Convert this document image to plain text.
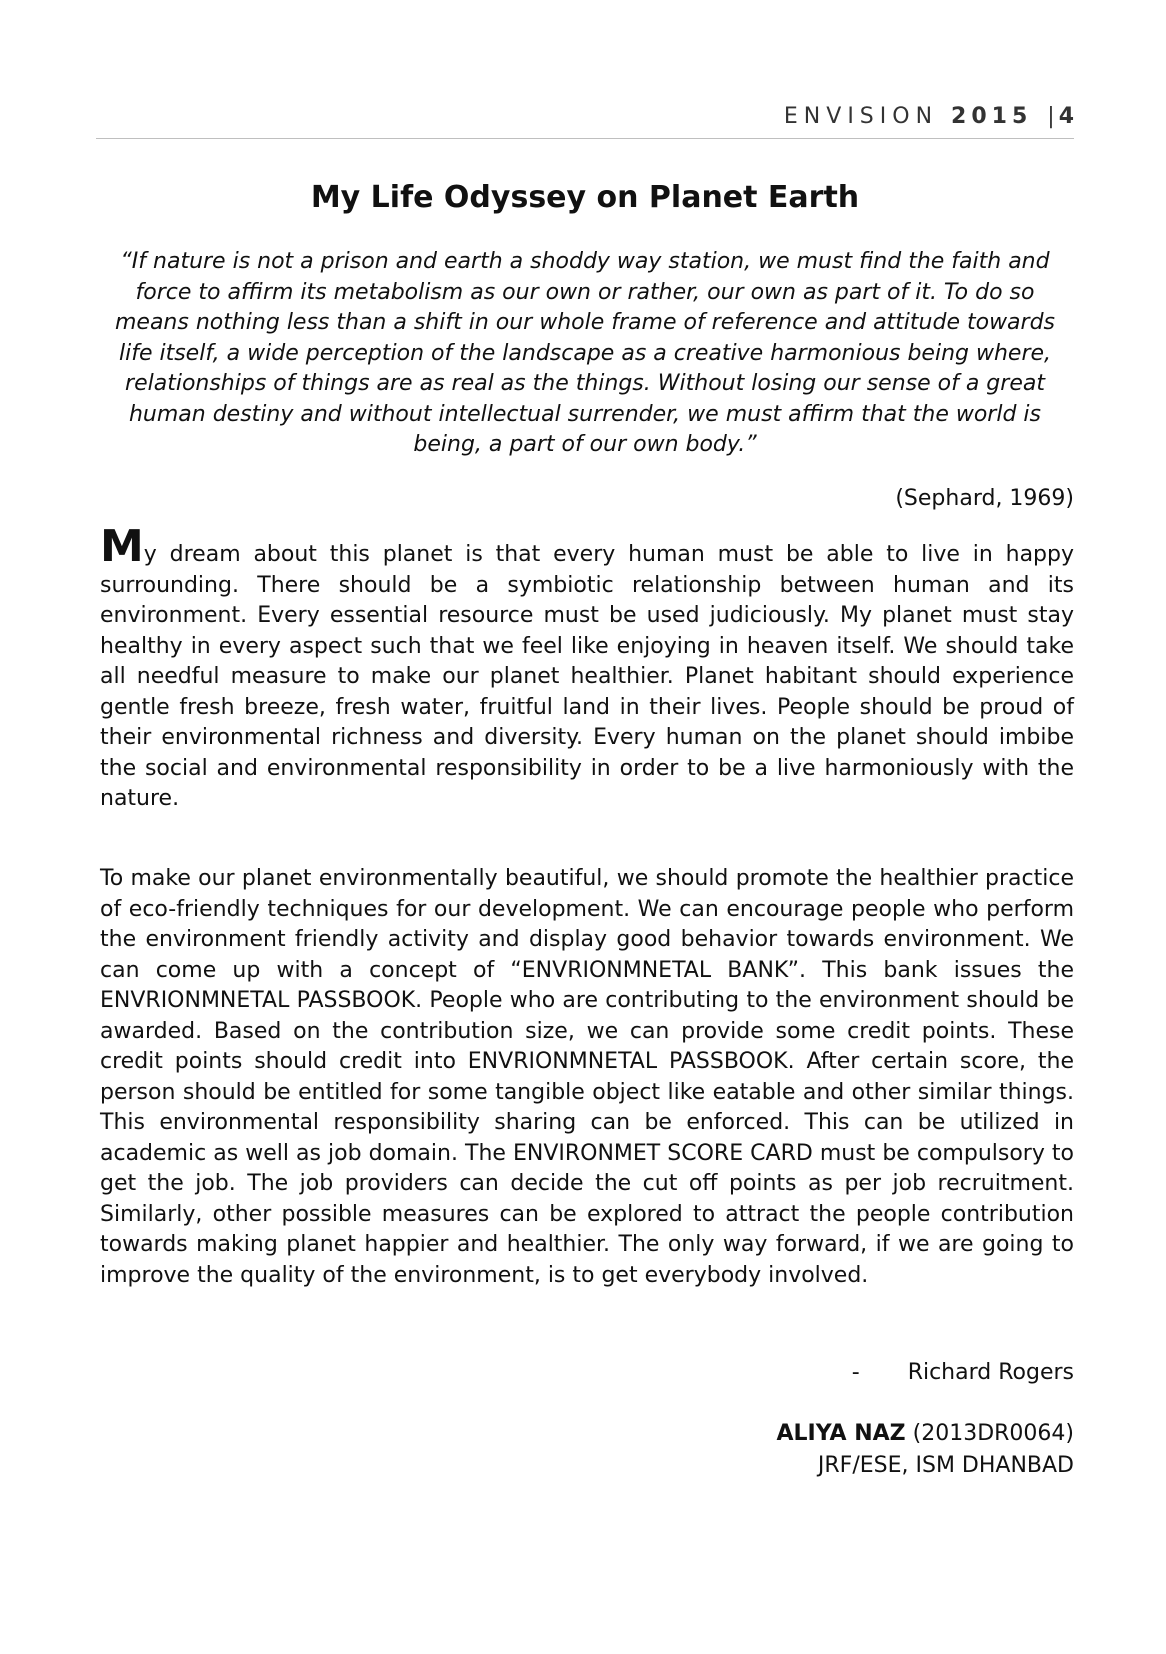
ENVISION 2015 | 4
My Life Odyssey on Planet Earth

“If nature is not a prison and earth a shoddy way station, we must find the faith and force to affirm its metabolism as our own or rather, our own as part of it. To do so means nothing less than a shift in our whole frame of reference and attitude towards life itself, a wide perception of the landscape as a creative harmonious being where, relationships of things are as real as the things. Without losing our sense of a great human destiny and without intellectual surrender, we must affirm that the world is being, a part of our own body.”

(Sephard, 1969)

My dream about this planet is that every human must be able to live in happy surrounding. There should be a symbiotic relationship between human and its environment. Every essential resource must be used judiciously. My planet must stay healthy in every aspect such that we feel like enjoying in heaven itself. We should take all needful measure to make our planet healthier. Planet habitant should experience gentle fresh breeze, fresh water, fruitful land in their lives. People should be proud of their environmental richness and diversity. Every human on the planet should imbibe the social and environmental responsibility in order to be a live harmoniously with the nature.

To make our planet environmentally beautiful, we should promote the healthier practice of eco-friendly techniques for our development. We can encourage people who perform the environment friendly activity and display good behavior towards environment. We can come up with a concept of “ENVRIONMNETAL BANK”. This bank issues the ENVRIONMNETAL PASSBOOK. People who are contributing to the environment should be awarded. Based on the contribution size, we can provide some credit points. These credit points should credit into ENVRIONMNETAL PASSBOOK. After certain score, the person should be entitled for some tangible object like eatable and other similar things. This environmental responsibility sharing can be enforced. This can be utilized in academic as well as job domain. The ENVIRONMET SCORE CARD must be compulsory to get the job. The job providers can decide the cut off points as per job recruitment. Similarly, other possible measures can be explored to attract the people contribution towards making planet happier and healthier. The only way forward, if we are going to improve the quality of the environment, is to get everybody involved.

- Richard Rogers
ALIYA NAZ (2013DR0064)
JRF/ESE, ISM DHANBAD
